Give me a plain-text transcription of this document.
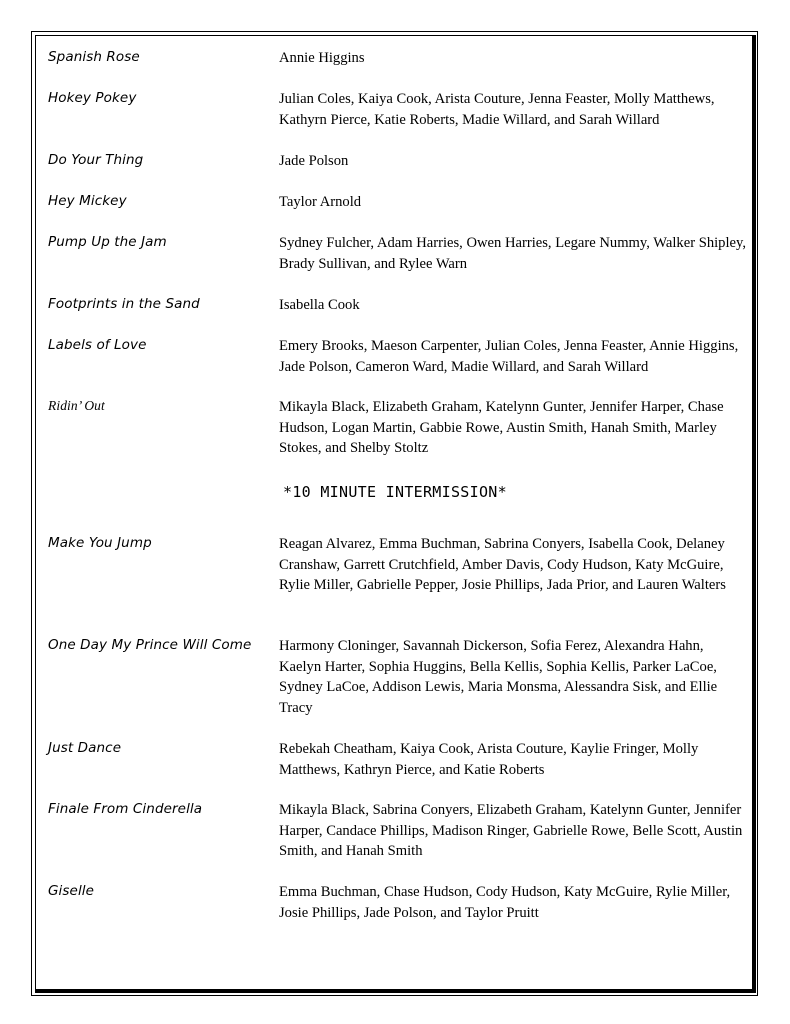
Spanish Rose	Annie Higgins
Hokey Pokey	Julian Coles, Kaiya Cook, Arista Couture, Jenna Feaster, Molly Matthews, Kathyrn Pierce, Katie Roberts, Madie Willard, and Sarah Willard
Do Your Thing	Jade Polson
Hey Mickey	Taylor Arnold
Pump Up the Jam	Sydney Fulcher, Adam Harries, Owen Harries, Legare Nummy, Walker Shipley, Brady Sullivan, and Rylee Warn
Footprints in the Sand	Isabella Cook
Labels of Love	Emery Brooks, Maeson Carpenter, Julian Coles, Jenna Feaster, Annie Higgins, Jade Polson, Cameron Ward, Madie Willard, and Sarah Willard
Ridin’ Out	Mikayla Black, Elizabeth Graham, Katelynn Gunter, Jennifer Harper, Chase Hudson, Logan Martin, Gabbie Rowe, Austin Smith, Hanah Smith, Marley Stokes, and Shelby Stoltz
*10 MINUTE INTERMISSION*
Make You Jump	Reagan Alvarez, Emma Buchman, Sabrina Conyers, Isabella Cook, Delaney Cranshaw, Garrett Crutchfield, Amber Davis, Cody Hudson, Katy McGuire, Rylie Miller, Gabrielle Pepper, Josie Phillips, Jada Prior, and Lauren Walters
One Day My Prince Will Come	Harmony Cloninger, Savannah Dickerson, Sofia Ferez, Alexandra Hahn, Kaelyn Harter, Sophia Huggins, Bella Kellis, Sophia Kellis, Parker LaCoe, Sydney LaCoe, Addison Lewis, Maria Monsma, Alessandra Sisk, and Ellie Tracy
Just Dance	Rebekah Cheatham, Kaiya Cook, Arista Couture, Kaylie Fringer, Molly Matthews, Kathryn Pierce, and Katie Roberts
Finale From Cinderella	Mikayla Black, Sabrina Conyers, Elizabeth Graham, Katelynn Gunter, Jennifer Harper, Candace Phillips, Madison Ringer, Gabrielle Rowe, Belle Scott, Austin Smith, and Hanah Smith
Giselle	Emma Buchman, Chase Hudson, Cody Hudson, Katy McGuire, Rylie Miller, Josie Phillips, Jade Polson, and Taylor Pruitt
